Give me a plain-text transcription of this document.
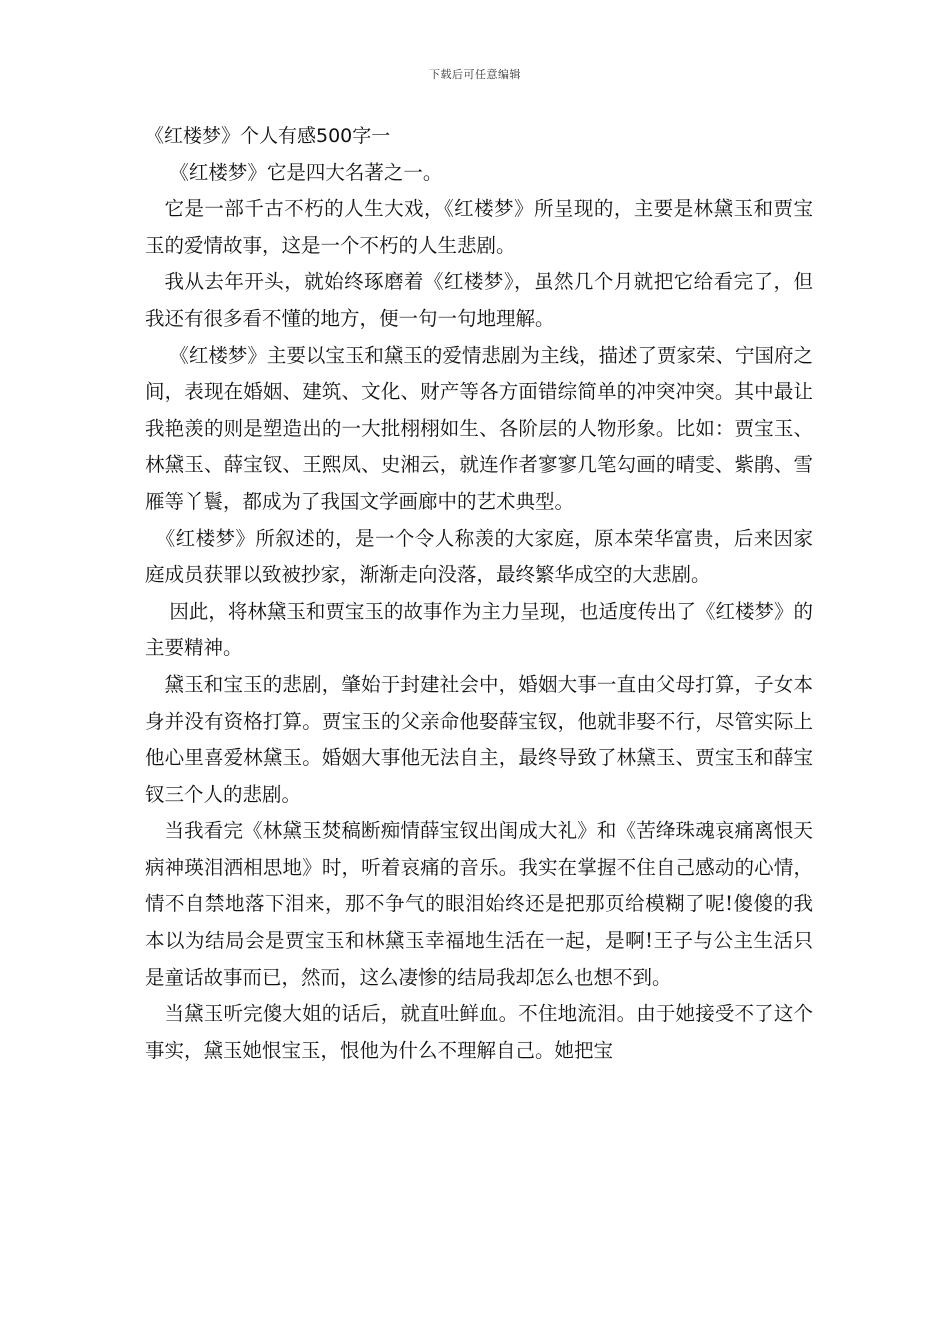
下载后可任意编辑

《红楼梦》个人有感500字一

《红楼梦》它是四大名著之一。

它是一部千古不朽的人生大戏，《红楼梦》所呈现的，主要是林黛玉和贾宝玉的爱情故事，这是一个不朽的人生悲剧。

我从去年开头，就始终琢磨着《红楼梦》，虽然几个月就把它给看完了，但我还有很多看不懂的地方，便一句一句地理解。

《红楼梦》主要以宝玉和黛玉的爱情悲剧为主线，描述了贾家荣、宁国府之间，表现在婚姻、建筑、文化、财产等各方面错综简单的冲突冲突。其中最让我艳羡的则是塑造出的一大批栩栩如生、各阶层的人物形象。比如：贾宝玉、林黛玉、薛宝钗、王熙凤、史湘云，就连作者寥寥几笔勾画的晴雯、紫鹃、雪雁等丫鬟，都成为了我国文学画廊中的艺术典型。

《红楼梦》所叙述的，是一个令人称羡的大家庭，原本荣华富贵，后来因家庭成员获罪以致被抄家，渐渐走向没落，最终繁华成空的大悲剧。

因此，将林黛玉和贾宝玉的故事作为主力呈现，也适度传出了《红楼梦》的主要精神。

黛玉和宝玉的悲剧，肇始于封建社会中，婚姻大事一直由父母打算，子女本身并没有资格打算。贾宝玉的父亲命他娶薛宝钗，他就非娶不行，尽管实际上他心里喜爱林黛玉。婚姻大事他无法自主，最终导致了林黛玉、贾宝玉和薛宝钗三个人的悲剧。

当我看完《林黛玉焚稿断痴情薛宝钗出闺成大礼》和《苦绛珠魂哀痛离恨天病神瑛泪洒相思地》时，听着哀痛的音乐。我实在掌握不住自己感动的心情，情不自禁地落下泪来，那不争气的眼泪始终还是把那页给模糊了呢!傻傻的我本以为结局会是贾宝玉和林黛玉幸福地生活在一起，是啊!王子与公主生活只是童话故事而已，然而，这么凄惨的结局我却怎么也想不到。

当黛玉听完傻大姐的话后，就直吐鲜血。不住地流泪。由于她接受不了这个事实，黛玉她恨宝玉，恨他为什么不理解自己。她把宝
